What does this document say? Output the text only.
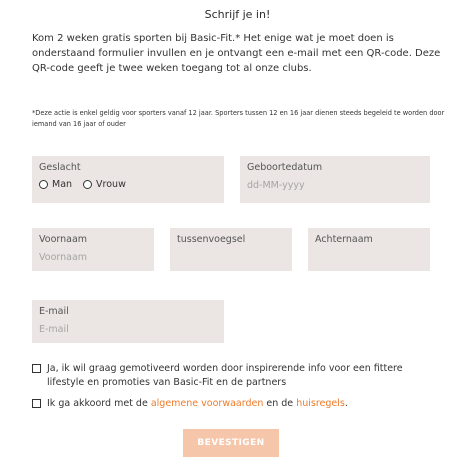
Schrijf je in!
Kom 2 weken gratis sporten bij Basic-Fit.* Het enige wat je moet doen is onderstaand formulier invullen en je ontvangt een e-mail met een QR-code. Deze QR-code geeft je twee weken toegang tot al onze clubs.
*Deze actie is enkel geldig voor sporters vanaf 12 jaar. Sporters tussen 12 en 16 jaar dienen steeds begeleid te worden door iemand van 16 jaar of ouder
Geslacht
Man	Vrouw
Geboortedatum
dd-MM-yyyy
Voornaam
Voornaam
tussenvoegsel	Achternaam
E-mail
E-mail
Ja, ik wil graag gemotiveerd worden door inspirerende info voor een fittere lifestyle en promoties van Basic-Fit en de partners
Ik ga akkoord met de algemene voorwaarden en de huisregels.
BEVESTIGEN
